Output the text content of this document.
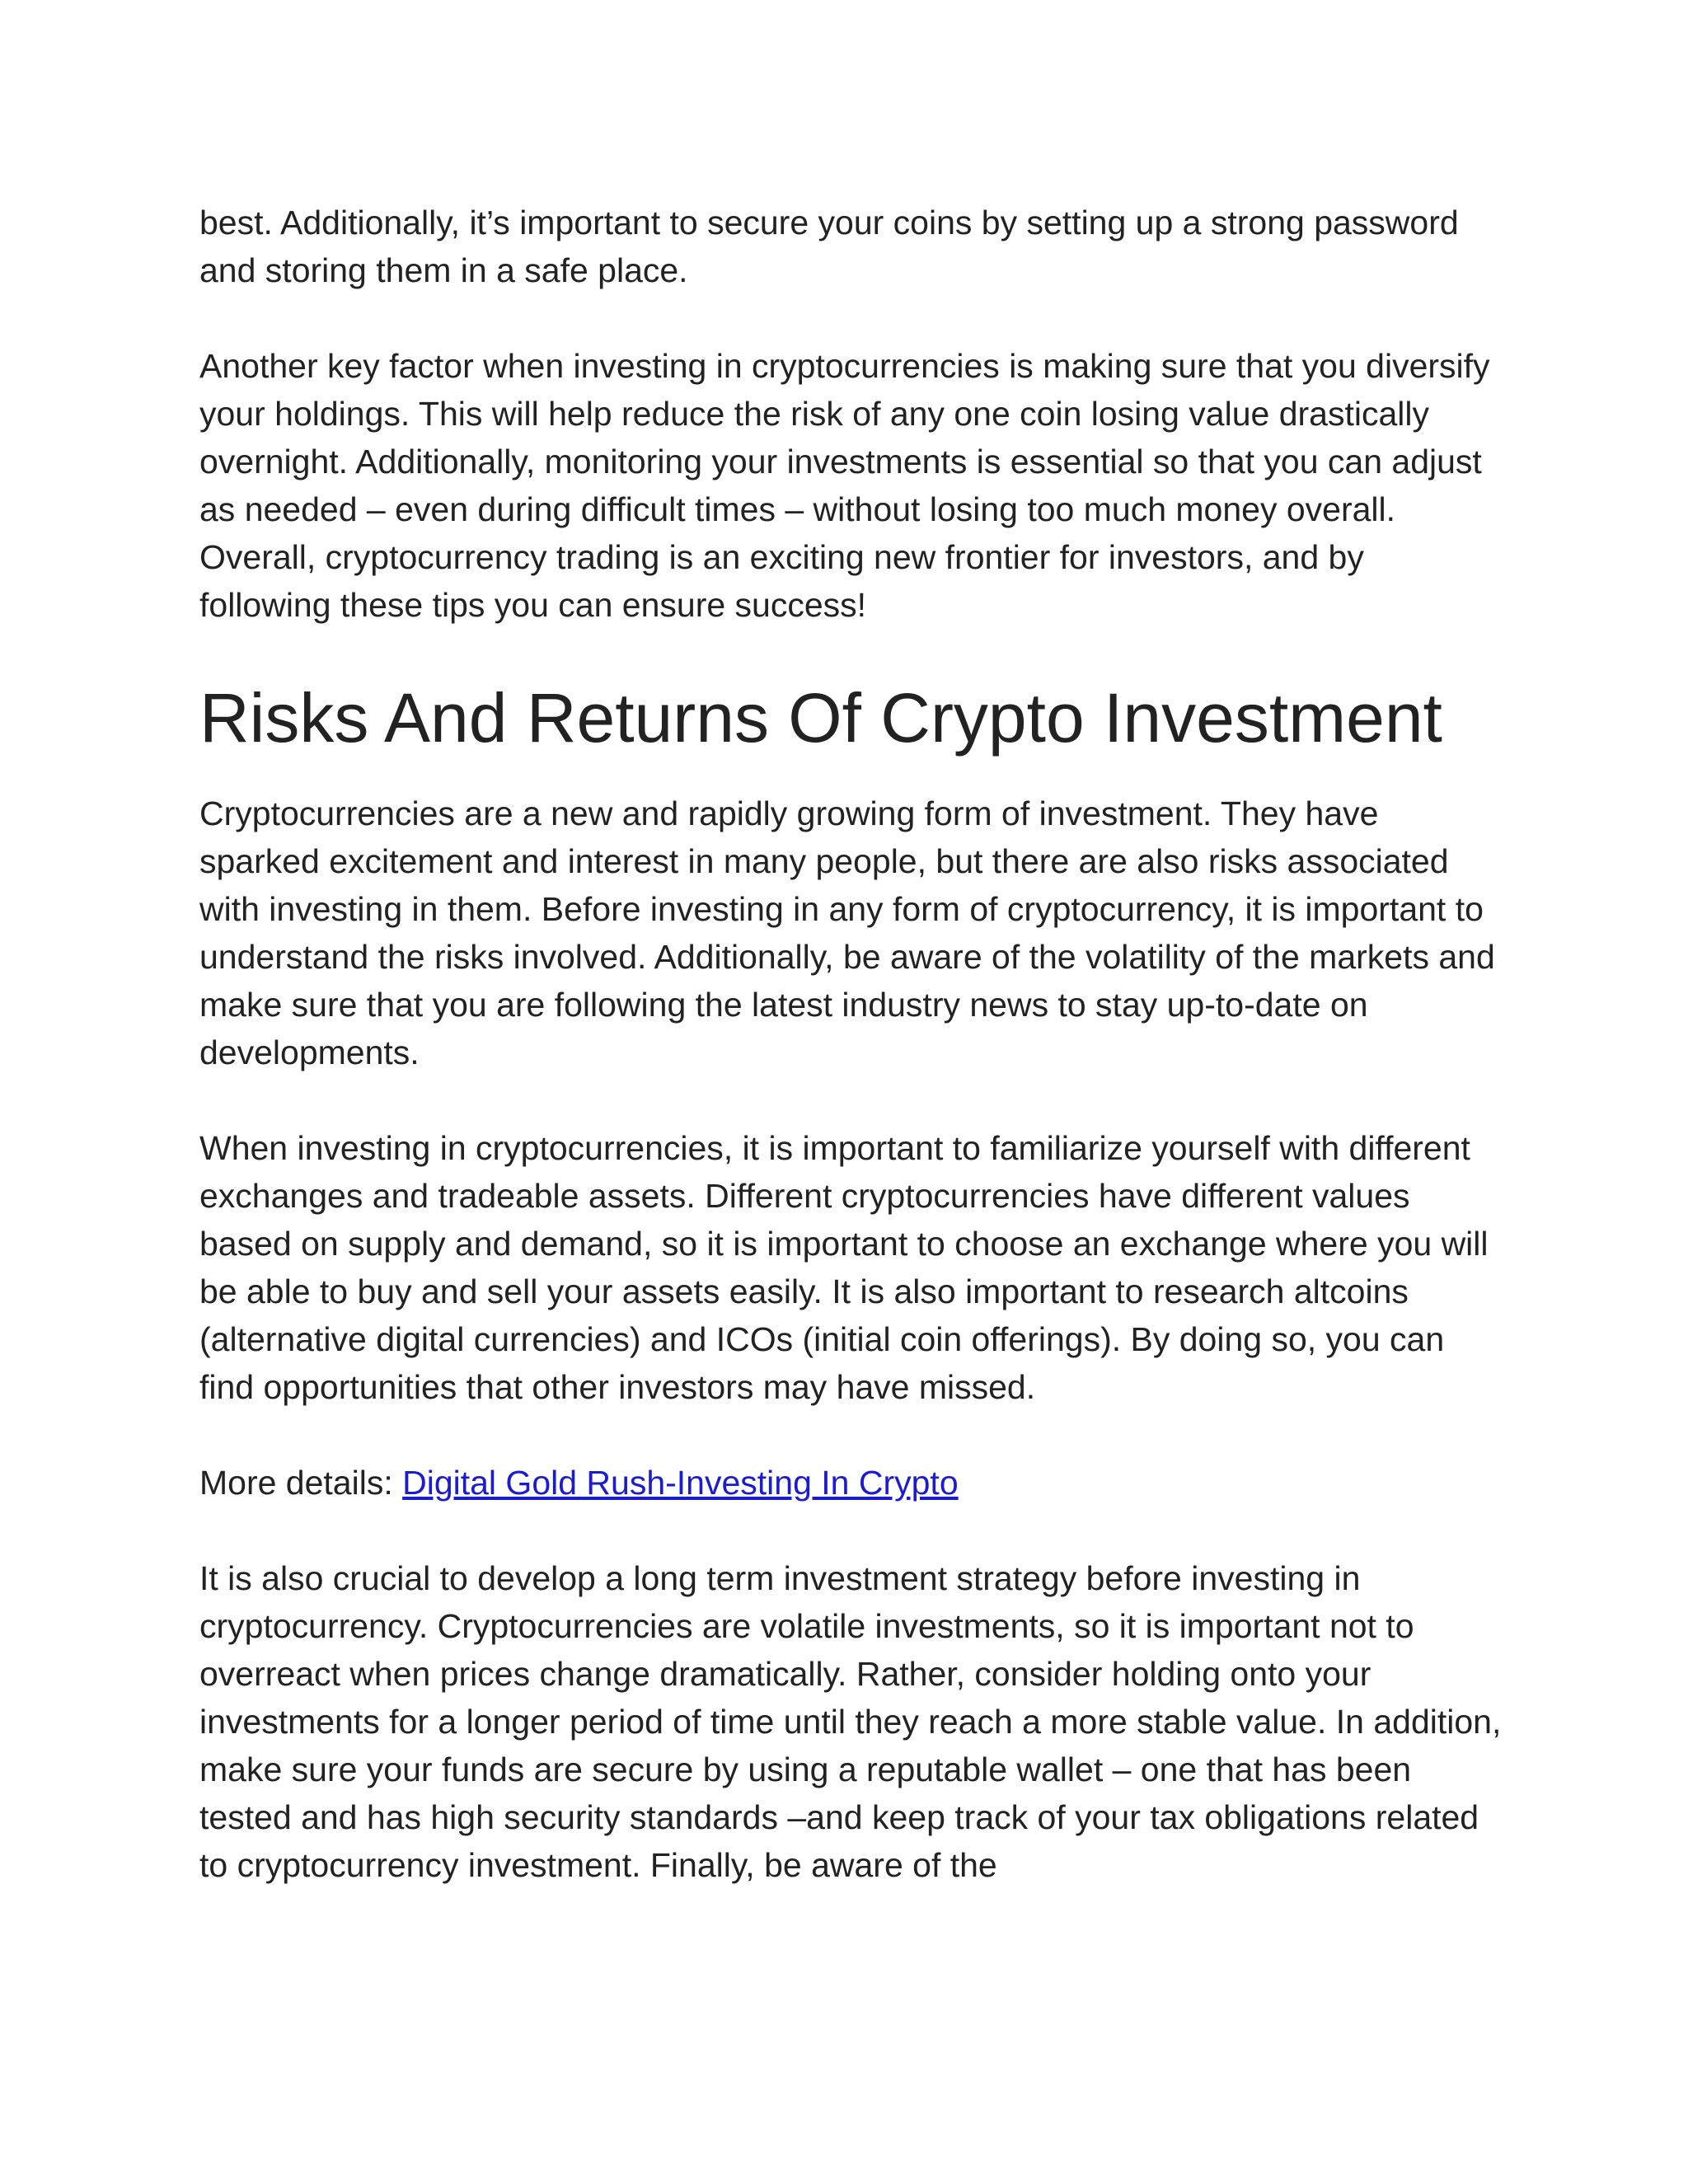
best. Additionally, it’s important to secure your coins by setting up a strong password and storing them in a safe place.

Another key factor when investing in cryptocurrencies is making sure that you diversify your holdings. This will help reduce the risk of any one coin losing value drastically overnight. Additionally, monitoring your investments is essential so that you can adjust as needed – even during difficult times – without losing too much money overall. Overall, cryptocurrency trading is an exciting new frontier for investors, and by following these tips you can ensure success!

Risks And Returns Of Crypto Investment

Cryptocurrencies are a new and rapidly growing form of investment. They have sparked excitement and interest in many people, but there are also risks associated with investing in them. Before investing in any form of cryptocurrency, it is important to understand the risks involved. Additionally, be aware of the volatility of the markets and make sure that you are following the latest industry news to stay up-to-date on developments.

When investing in cryptocurrencies, it is important to familiarize yourself with different exchanges and tradeable assets. Different cryptocurrencies have different values based on supply and demand, so it is important to choose an exchange where you will be able to buy and sell your assets easily. It is also important to research altcoins (alternative digital currencies) and ICOs (initial coin offerings). By doing so, you can find opportunities that other investors may have missed.

More details: Digital Gold Rush-Investing In Crypto

It is also crucial to develop a long term investment strategy before investing in cryptocurrency. Cryptocurrencies are volatile investments, so it is important not to overreact when prices change dramatically. Rather, consider holding onto your investments for a longer period of time until they reach a more stable value. In addition, make sure your funds are secure by using a reputable wallet – one that has been tested and has high security standards –and keep track of your tax obligations related to cryptocurrency investment. Finally, be aware of the
